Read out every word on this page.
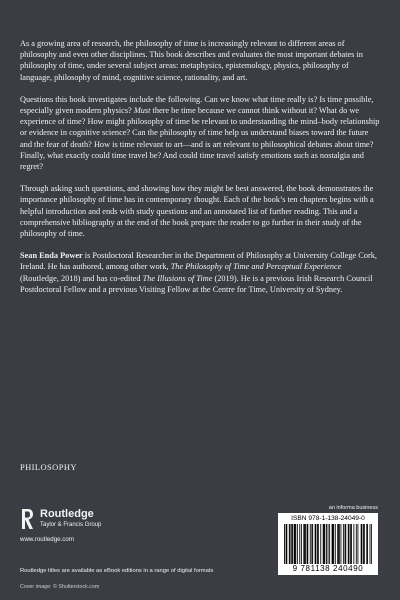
As a growing area of research, the philosophy of time is increasingly relevant to different areas of philosophy and even other disciplines. This book describes and evaluates the most important debates in philosophy of time, under several subject areas: metaphysics, epistemology, physics, philosophy of language, philosophy of mind, cognitive science, rationality, and art.

Questions this book investigates include the following. Can we know what time really is? Is time possible, especially given modern physics? Must there be time because we cannot think without it? What do we experience of time? How might philosophy of time be relevant to understanding the mind–body relationship or evidence in cognitive science? Can the philosophy of time help us understand biases toward the future and the fear of death? How is time relevant to art—and is art relevant to philosophical debates about time? Finally, what exactly could time travel be? And could time travel satisfy emotions such as nostalgia and regret?

Through asking such questions, and showing how they might be best answered, the book demonstrates the importance philosophy of time has in contemporary thought. Each of the book’s ten chapters begins with a helpful introduction and ends with study questions and an annotated list of further reading. This and a comprehensive bibliography at the end of the book prepare the reader to go further in their study of the philosophy of time.

Sean Enda Power is Postdoctoral Researcher in the Department of Philosophy at University College Cork, Ireland. He has authored, among other work, The Philosophy of Time and Perceptual Experience (Routledge, 2018) and has co-edited The Illusions of Time (2019). He is a previous Irish Research Council Postdoctoral Fellow and a previous Visiting Fellow at the Centre for Time, University of Sydney.

PHILOSOPHY
Routledge
Taylor & Francis Group
www.routledge.com
an informa business
ISBN 978-1-138-24049-0
9 781138 240490
Routledge titles are available as eBook editions in a range of digital formats
Cover image: © Shutterstock.com
